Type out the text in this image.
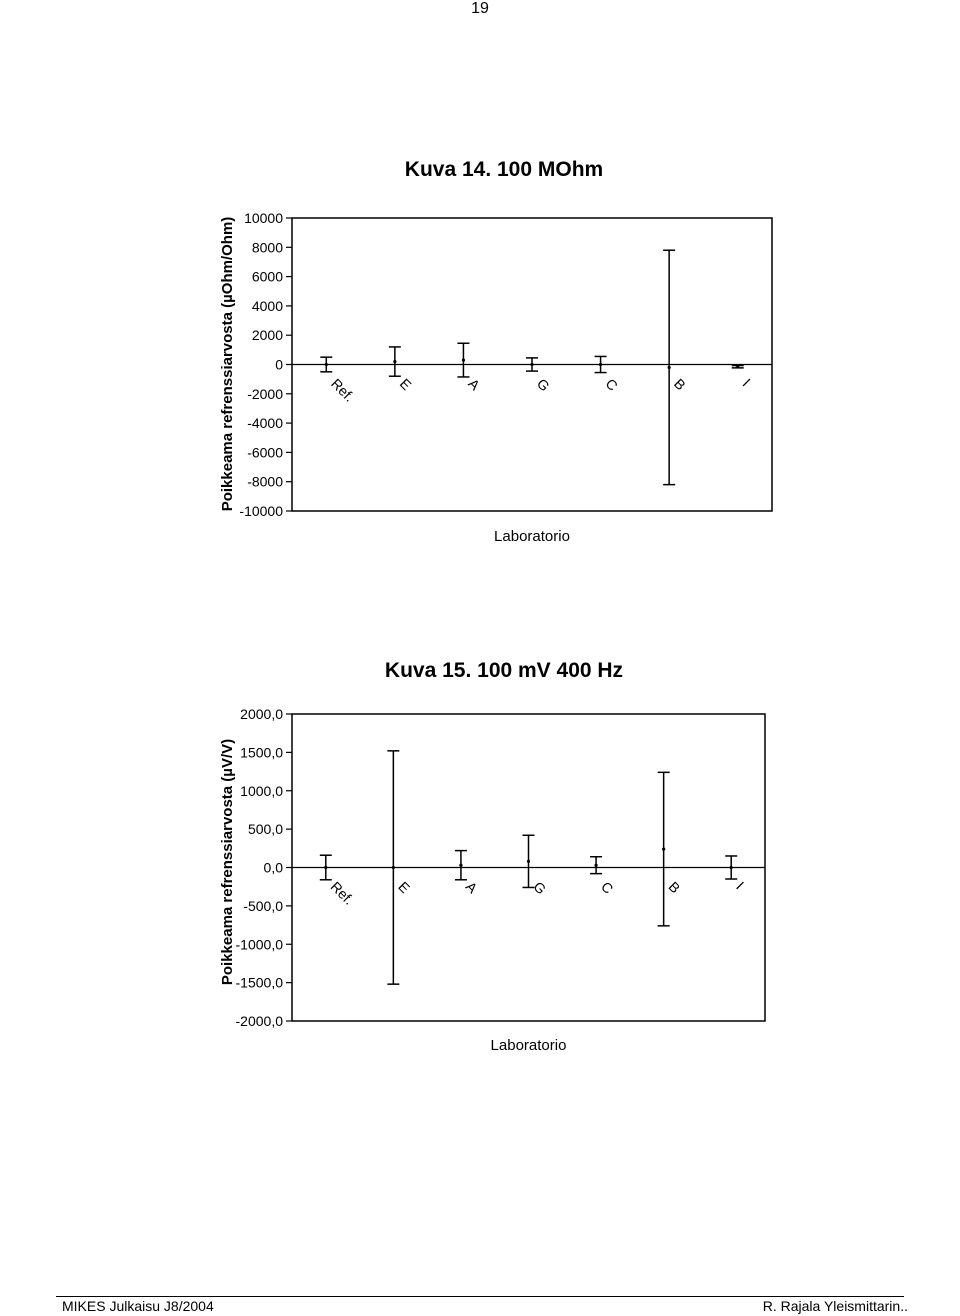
19
Kuva 14. 100 MOhm
10000
8000
6000
4000
2000
0
-2000
-4000
-6000
-8000
-10000
Ref.	E	A	G	C	B	I
Laboratorio
Poikkeama refrenssiarvosta (µOhm/Ohm)
Kuva 15. 100 mV 400 Hz
2000,0
1500,0
1000,0
500,0
0,0
-500,0
-1000,0
-1500,0
-2000,0
Ref.	E	A	G	C	B	I
Laboratorio
Poikkeama refrenssiarvosta (µV/V)
MIKES Julkaisu J8/2004	R. Rajala Yleismittarin..
